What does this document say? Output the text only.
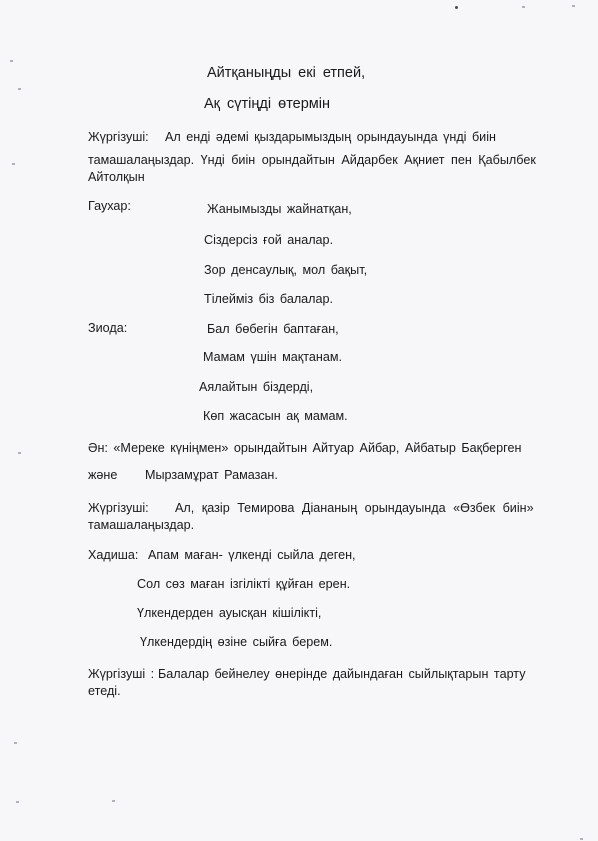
Айтқаныңды екі етпей,
Ақ сүтіңді өтермін
Жүргізуші: Ал енді әдемі қыздарымыздың орындауында үнді биін
тамашалаңыздар. Үнді биін орындайтын Айдарбек Ақниет пен Қабылбек
Айтолқын
Гаухар:	Жанымызды жайнатқан,
Сіздерсіз ғой аналар.
Зор денсаулық, мол бақыт,
Тілейміз біз балалар.
Зиода:	Бал бөбегін баптаған,
Мамам үшін мақтанам.
Аялайтын біздерді,
Көп жасасын ақ мамам.
Ән: «Мереке күніңмен» орындайтын Айтуар Айбар, Айбатыр Бақберген
және Мырзамұрат Рамазан.
Жүргізуші: Ал, қазір Темирова Дiананың орындауында «Өзбек биін»
тамашалаңыздар.
Хадиша: Апам маған- үлкенді сыйла деген,
Сол сөз маған ізгілікті құйған ерен.
Үлкендерден ауысқан кішілікті,
Үлкендердің өзіне сыйға берем.
Жүргізуші : Балалар бейнелеу өнерінде дайындаған сыйлықтарын тарту
етеді.
